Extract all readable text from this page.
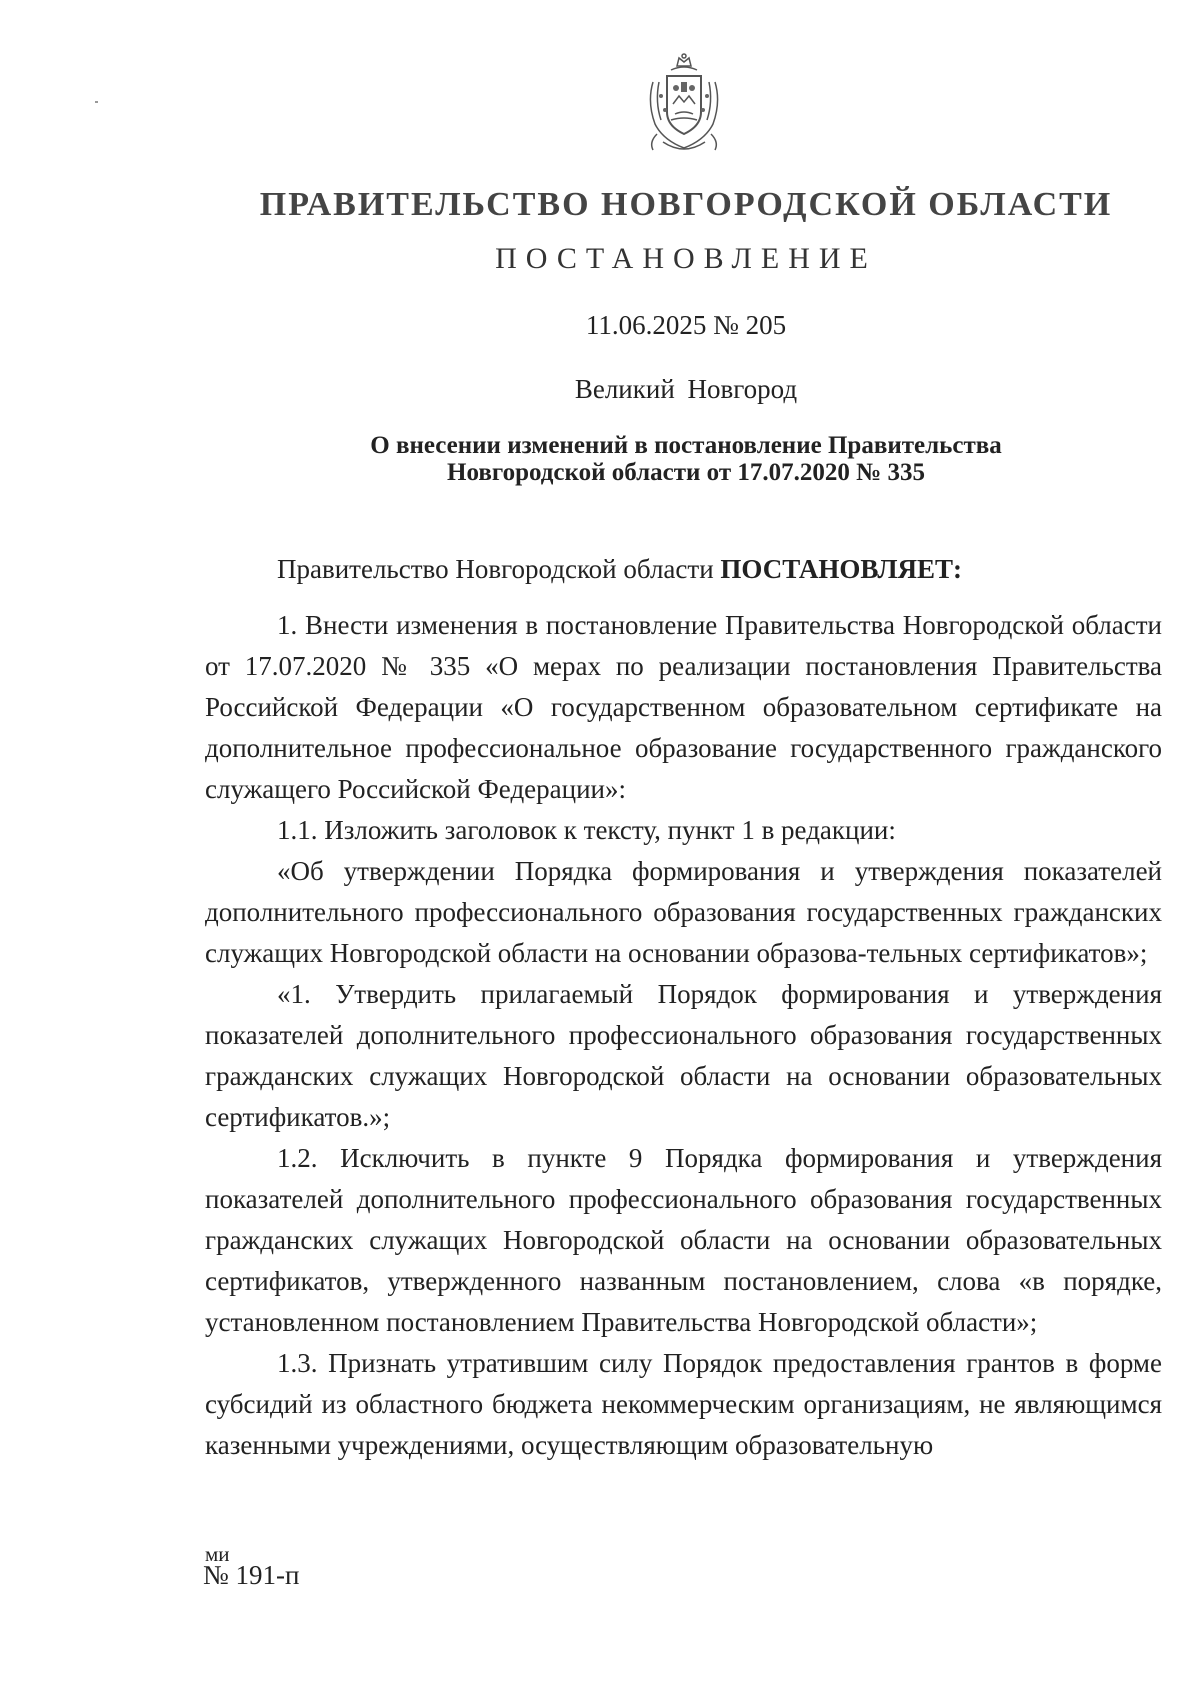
ПРАВИТЕЛЬСТВО НОВГОРОДСКОЙ ОБЛАСТИ
ПОСТАНОВЛЕНИЕ
11.06.2025 № 205
Великий Новгород
О внесении изменений в постановление Правительства
Новгородской области от 17.07.2020 № 335
Правительство Новгородской области ПОСТАНОВЛЯЕТ:

1. Внести изменения в постановление Правительства Новгородской области от 17.07.2020 № 335 «О мерах по реализации постановления Правительства Российской Федерации «О государственном образовательном сертификате на дополнительное профессиональное образование государственного гражданского служащего Российской Федерации»:

1.1. Изложить заголовок к тексту, пункт 1 в редакции:

«Об утверждении Порядка формирования и утверждения показателей дополнительного профессионального образования государственных гражданских служащих Новгородской области на основании образова-тельных сертификатов»;

«1. Утвердить прилагаемый Порядок формирования и утверждения показателей дополнительного профессионального образования государственных гражданских служащих Новгородской области на основании образовательных сертификатов.»;

1.2. Исключить в пункте 9 Порядка формирования и утверждения показателей дополнительного профессионального образования государственных гражданских служащих Новгородской области на основании образовательных сертификатов, утвержденного названным постановлением, слова «в порядке, установленном постановлением Правительства Новгородской области»;

1.3. Признать утратившим силу Порядок предоставления грантов в форме субсидий из областного бюджета некоммерческим организациям, не являющимся казенными учреждениями, осуществляющим образовательную

ми
№ 191-п
